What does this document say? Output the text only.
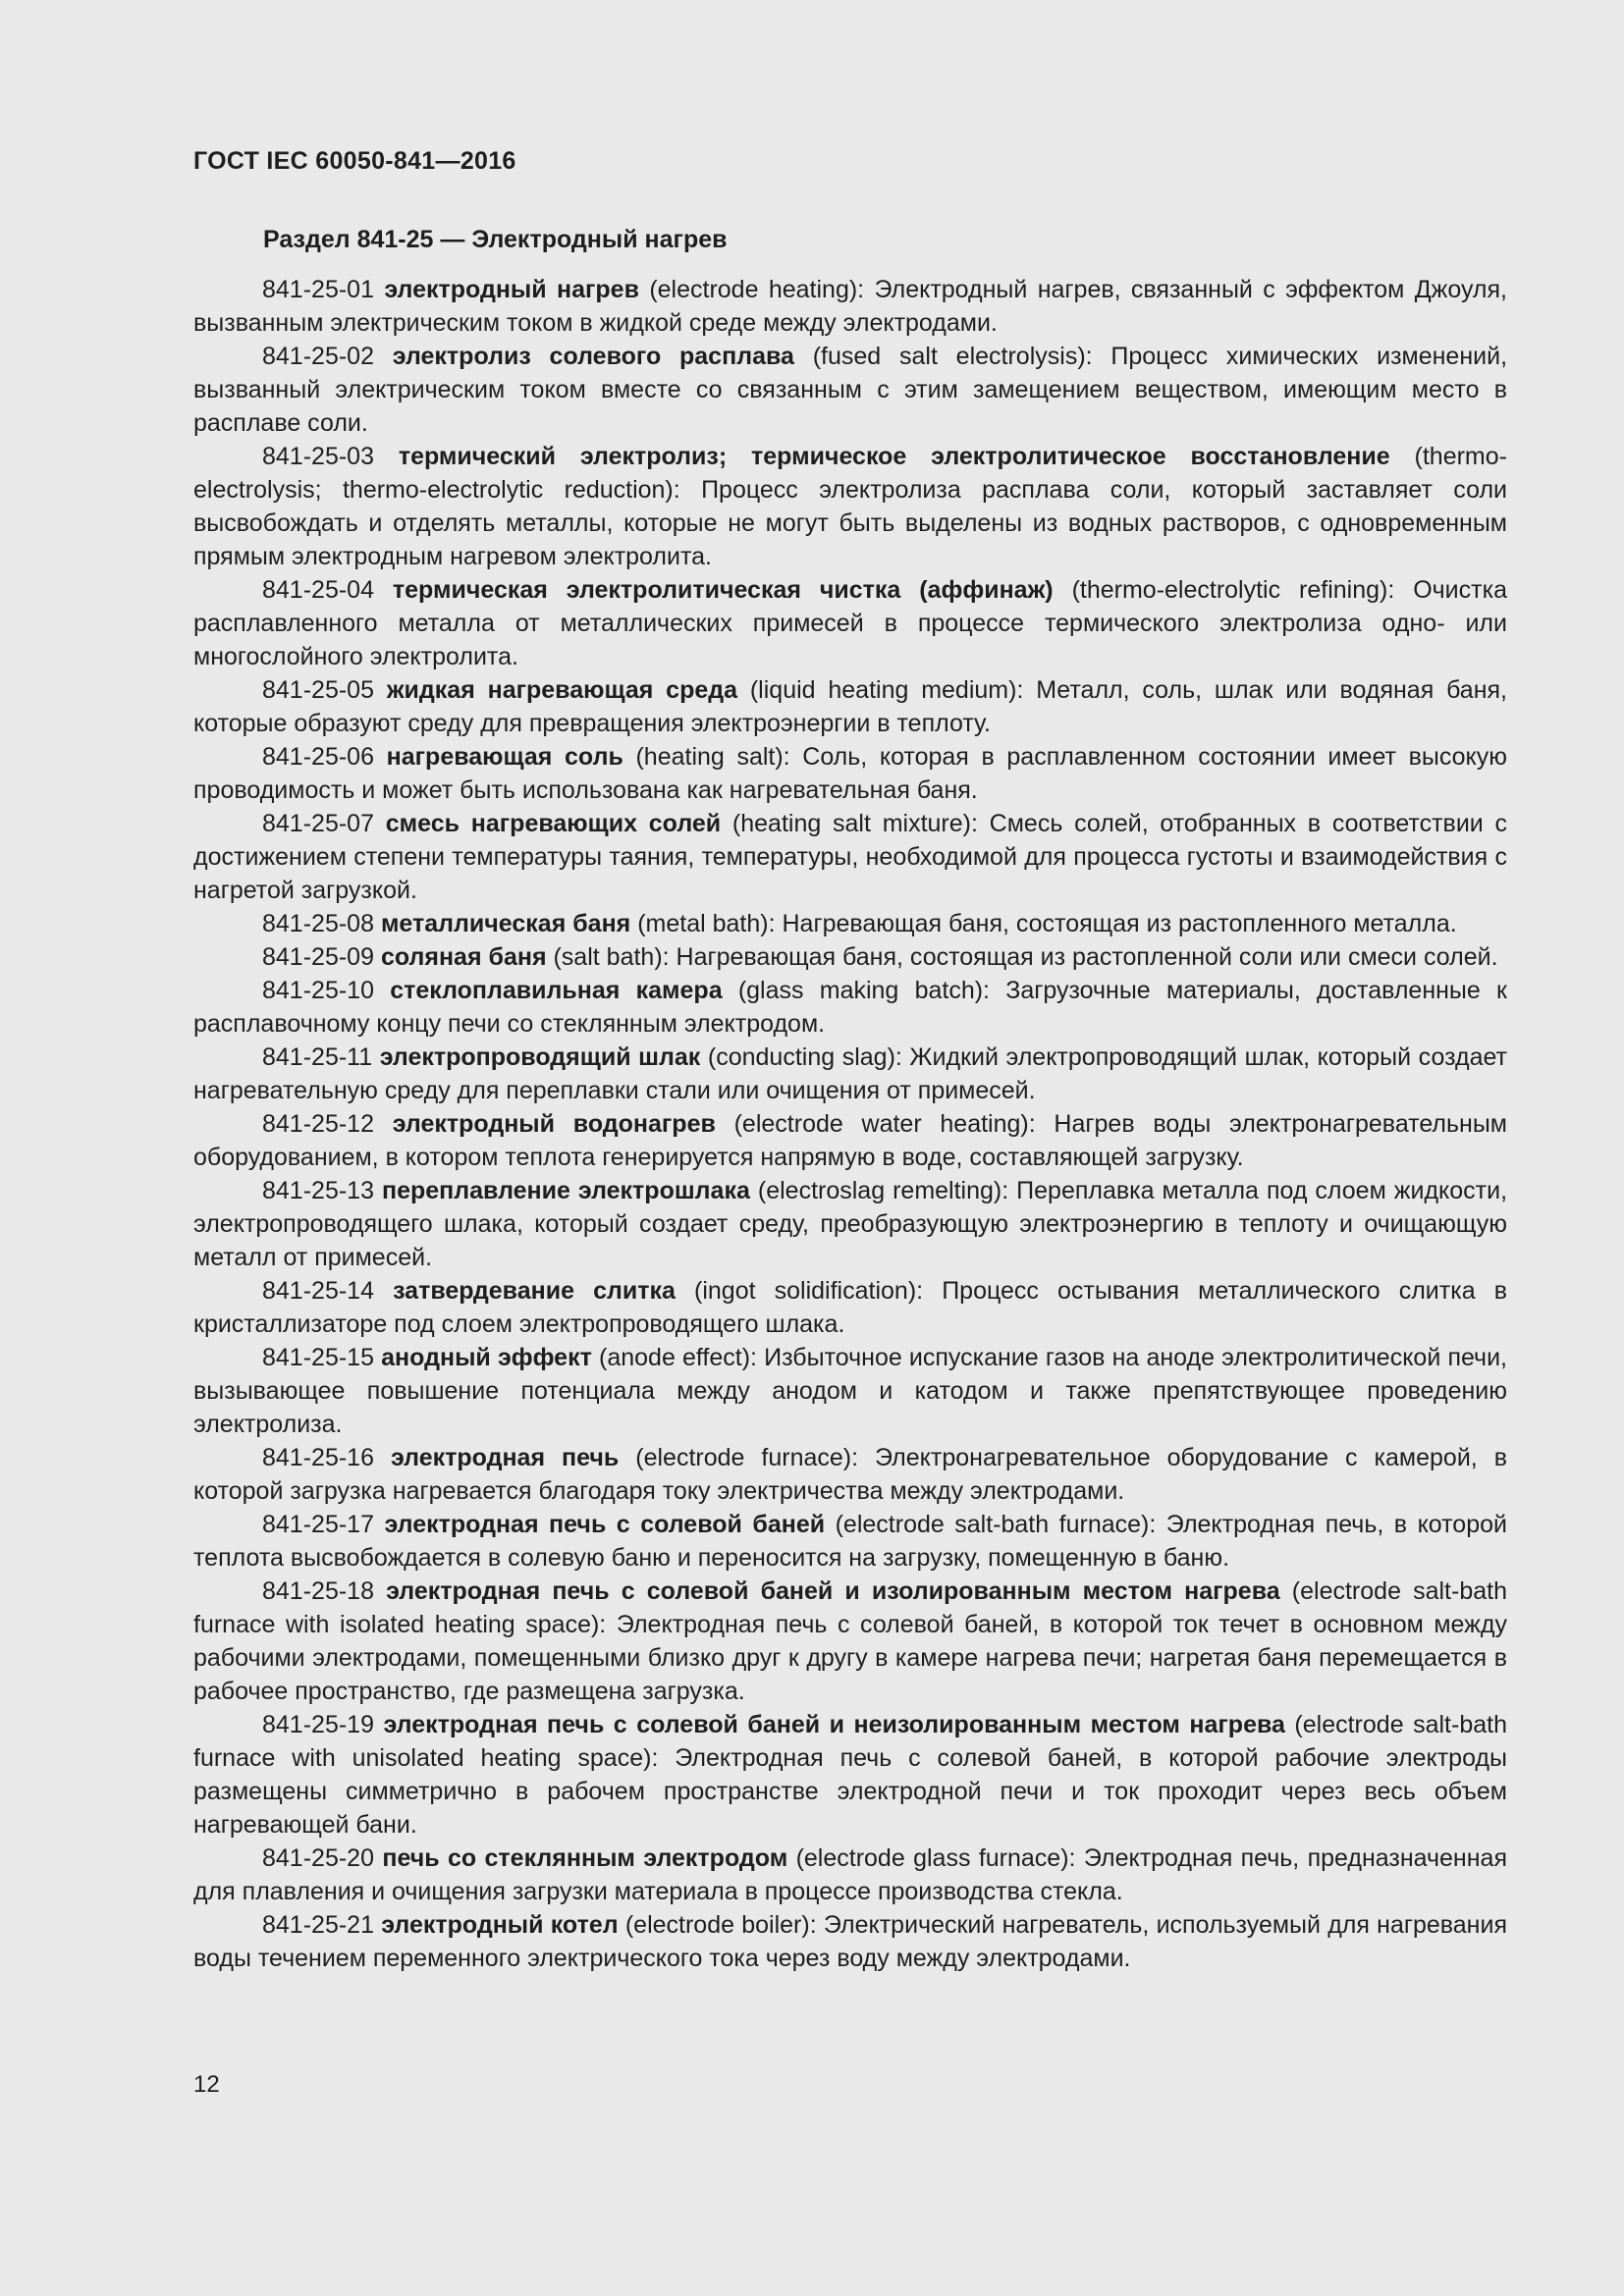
ГОСТ IEC 60050-841—2016
Раздел 841-25 — Электродный нагрев

841-25-01 электродный нагрев (electrode heating): Электродный нагрев, связанный с эффектом Джоуля, вызванным электрическим током в жидкой среде между электродами.

841-25-02 электролиз солевого расплава (fused salt electrolysis): Процесс химических изменений, вызванный электрическим током вместе со связанным с этим замещением веществом, имеющим место в расплаве соли.

841-25-03 термический электролиз; термическое электролитическое восстановление (thermo-electrolysis; thermo-electrolytic reduction): Процесс электролиза расплава соли, который заставляет соли высвобождать и отделять металлы, которые не могут быть выделены из водных растворов, с одновременным прямым электродным нагревом электролита.

841-25-04 термическая электролитическая чистка (аффинаж) (thermo-electrolytic refining): Очистка расплавленного металла от металлических примесей в процессе термического электролиза одно- или многослойного электролита.

841-25-05 жидкая нагревающая среда (liquid heating medium): Металл, соль, шлак или водяная баня, которые образуют среду для превращения электроэнергии в теплоту.

841-25-06 нагревающая соль (heating salt): Соль, которая в расплавленном состоянии имеет высокую проводимость и может быть использована как нагревательная баня.

841-25-07 смесь нагревающих солей (heating salt mixture): Смесь солей, отобранных в соответствии с достижением степени температуры таяния, температуры, необходимой для процесса густоты и взаимодействия с нагретой загрузкой.

841-25-08 металлическая баня (metal bath): Нагревающая баня, состоящая из растопленного металла.

841-25-09 соляная баня (salt bath): Нагревающая баня, состоящая из растопленной соли или смеси солей.

841-25-10 стеклоплавильная камера (glass making batch): Загрузочные материалы, доставленные к расплавочному концу печи со стеклянным электродом.

841-25-11 электропроводящий шлак (conducting slag): Жидкий электропроводящий шлак, который создает нагревательную среду для переплавки стали или очищения от примесей.

841-25-12 электродный водонагрев (electrode water heating): Нагрев воды электронагревательным оборудованием, в котором теплота генерируется напрямую в воде, составляющей загрузку.

841-25-13 переплавление электрошлака (electroslag remelting): Переплавка металла под слоем жидкости, электропроводящего шлака, который создает среду, преобразующую электроэнергию в теплоту и очищающую металл от примесей.

841-25-14 затвердевание слитка (ingot solidification): Процесс остывания металлического слитка в кристаллизаторе под слоем электропроводящего шлака.

841-25-15 анодный эффект (anode effect): Избыточное испускание газов на аноде электролитической печи, вызывающее повышение потенциала между анодом и катодом и также препятствующее проведению электролиза.

841-25-16 электродная печь (electrode furnace): Электронагревательное оборудование с камерой, в которой загрузка нагревается благодаря току электричества между электродами.

841-25-17 электродная печь с солевой баней (electrode salt-bath furnace): Электродная печь, в которой теплота высвобождается в солевую баню и переносится на загрузку, помещенную в баню.

841-25-18 электродная печь с солевой баней и изолированным местом нагрева (electrode salt-bath furnace with isolated heating space): Электродная печь с солевой баней, в которой ток течет в основном между рабочими электродами, помещенными близко друг к другу в камере нагрева печи; нагретая баня перемещается в рабочее пространство, где размещена загрузка.

841-25-19 электродная печь с солевой баней и неизолированным местом нагрева (electrode salt-bath furnace with unisolated heating space): Электродная печь с солевой баней, в которой рабочие электроды размещены симметрично в рабочем пространстве электродной печи и ток проходит через весь объем нагревающей бани.

841-25-20 печь со стеклянным электродом (electrode glass furnace): Электродная печь, предназначенная для плавления и очищения загрузки материала в процессе производства стекла.

841-25-21 электродный котел (electrode boiler): Электрический нагреватель, используемый для нагревания воды течением переменного электрического тока через воду между электродами.

12
